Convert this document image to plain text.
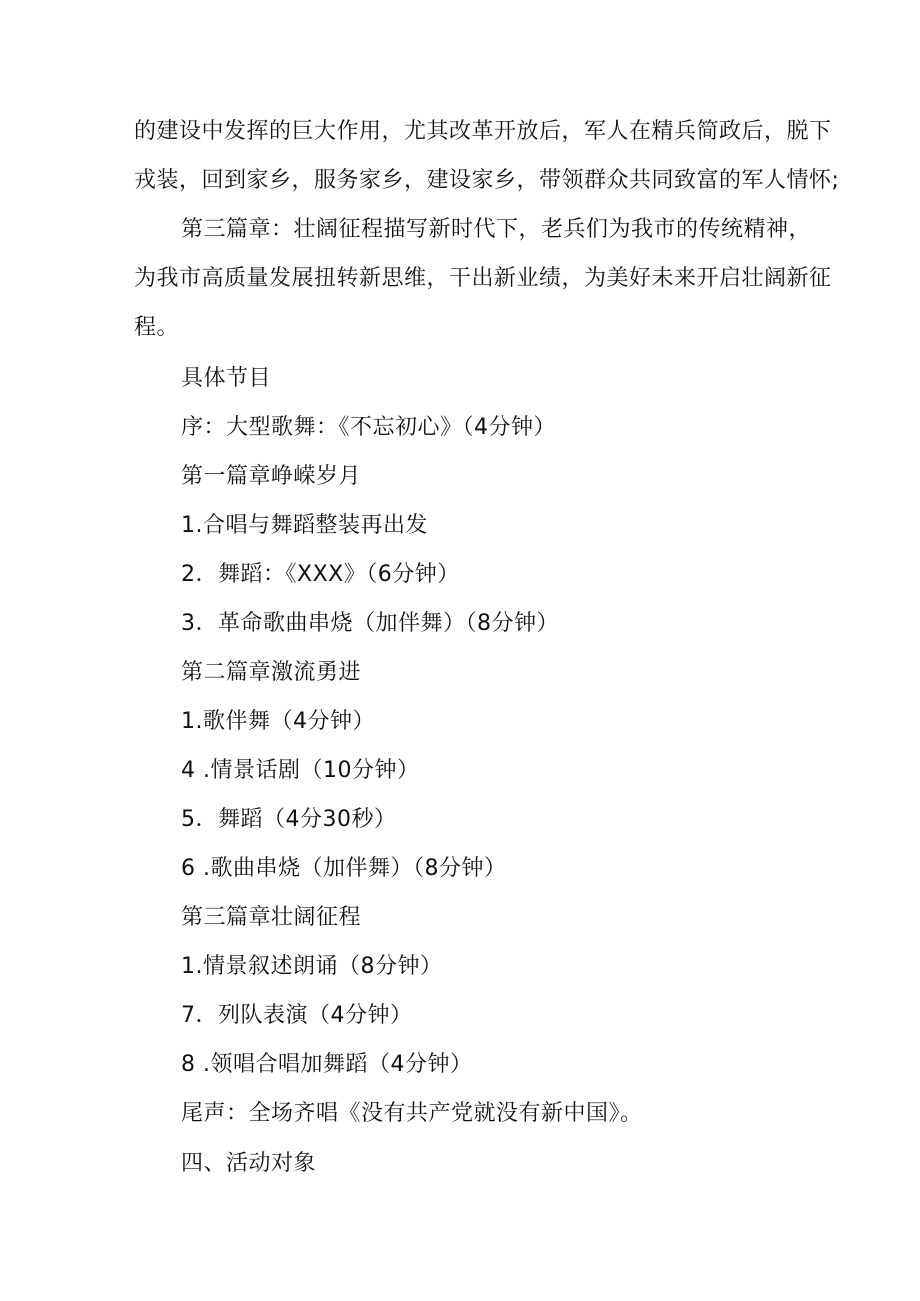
的建设中发挥的巨大作用，尤其改革开放后，军人在精兵简政后，脱下
戎装，回到家乡，服务家乡，建设家乡，带领群众共同致富的军人情怀;
第三篇章：壮阔征程描写新时代下，老兵们为我市的传统精神，
为我市高质量发展扭转新思维，干出新业绩，为美好未来开启壮阔新征
程。
具体节目
序：大型歌舞：《不忘初心》（4分钟）
第一篇章峥嵘岁月
1.合唱与舞蹈整装再出发
2．舞蹈：《XXX》（6分钟）
3．革命歌曲串烧（加伴舞）（8分钟）
第二篇章激流勇进
1.歌伴舞（4分钟）
4 .情景话剧（10分钟）
5．舞蹈（4分30秒）
6 .歌曲串烧（加伴舞）（8分钟）
第三篇章壮阔征程
1.情景叙述朗诵（8分钟）
7．列队表演（4分钟）
8 .领唱合唱加舞蹈（4分钟）
尾声：全场齐唱《没有共产党就没有新中国》。
四、活动对象
